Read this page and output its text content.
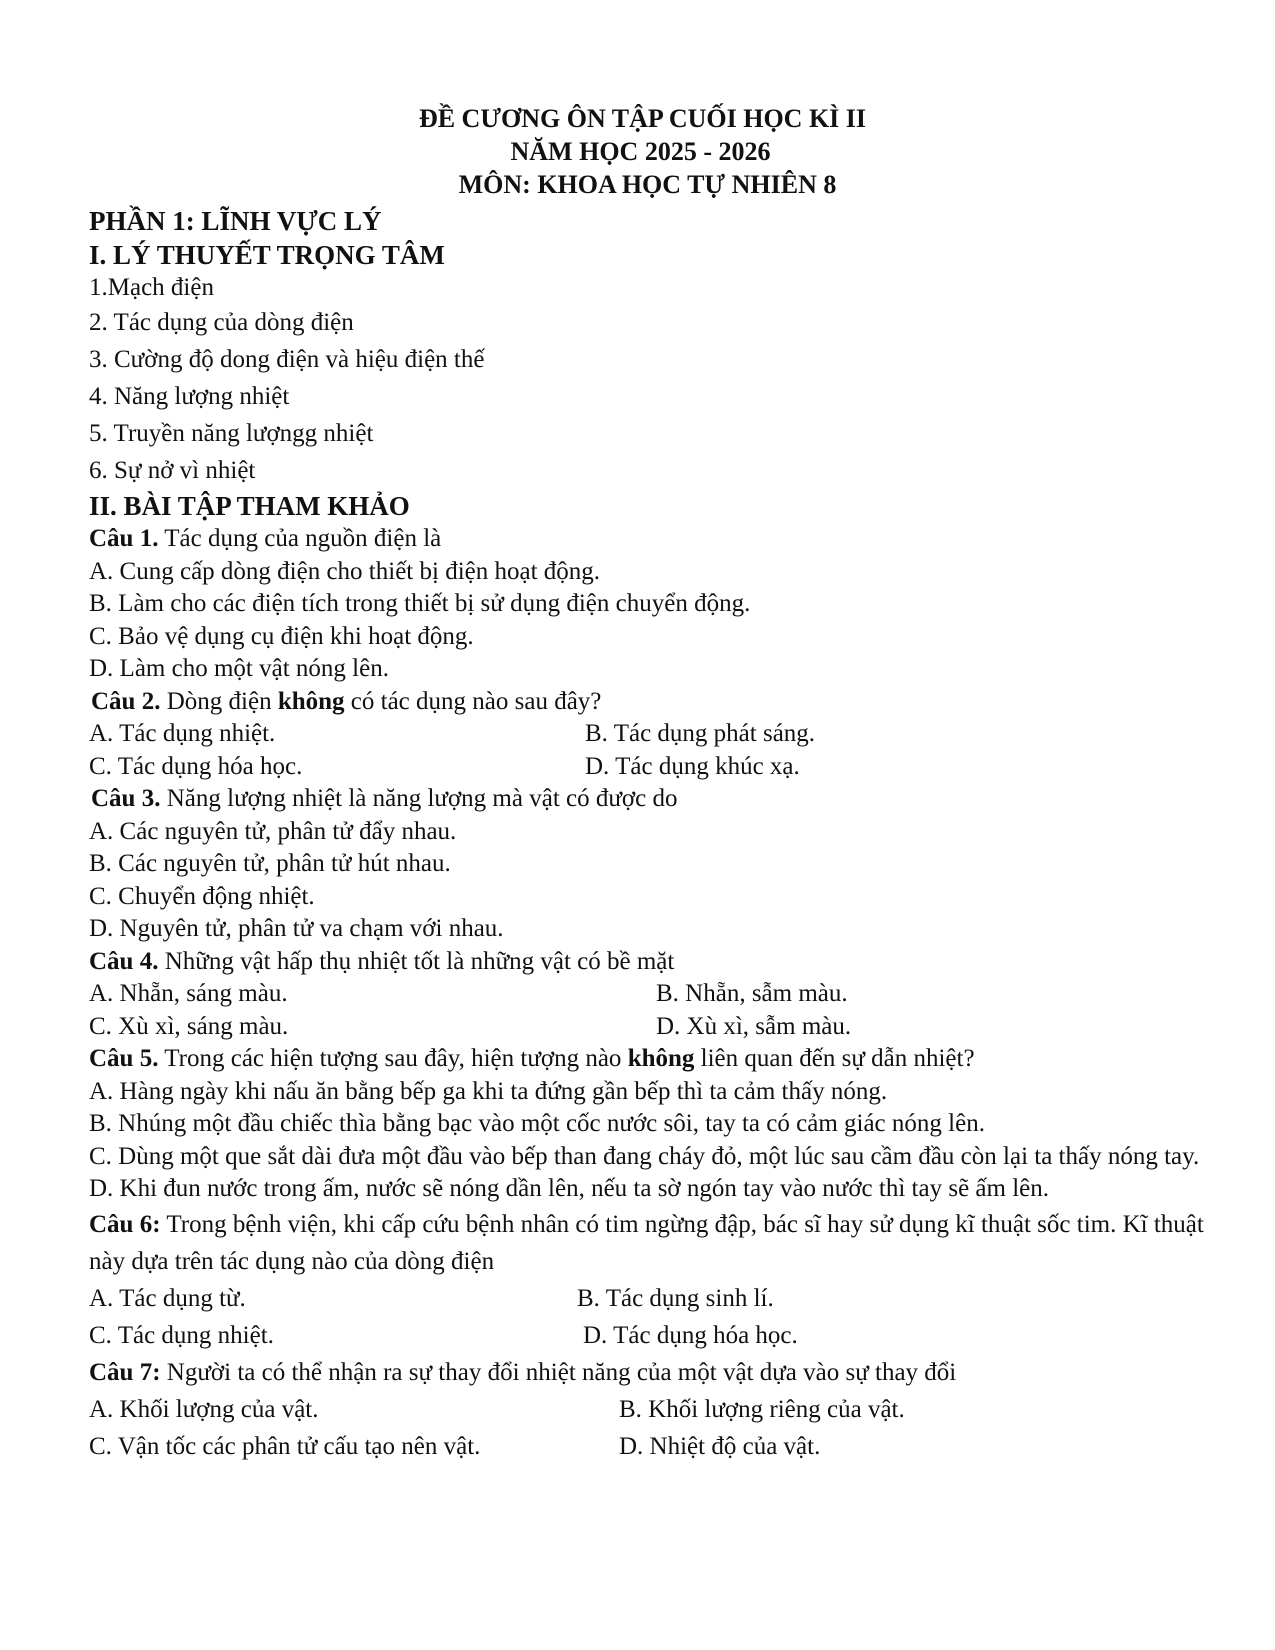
ĐỀ CƯƠNG ÔN TẬP CUỐI HỌC KÌ II
NĂM HỌC 2025 - 2026
MÔN: KHOA HỌC TỰ NHIÊN 8
PHẦN 1: LĨNH VỰC LÝ
I. LÝ THUYẾT TRỌNG TÂM
1.Mạch điện
2. Tác dụng của dòng điện
3. Cường độ dong điện và hiệu điện thế
4. Năng lượng nhiệt
5. Truyền năng lượngg nhiệt
6. Sự nở vì nhiệt
II. BÀI TẬP THAM KHẢO
Câu 1. Tác dụng của nguồn điện là
A. Cung cấp dòng điện cho thiết bị điện hoạt động.
B. Làm cho các điện tích trong thiết bị sử dụng điện chuyển động.
C. Bảo vệ dụng cụ điện khi hoạt động.
D. Làm cho một vật nóng lên.
Câu 2. Dòng điện không có tác dụng nào sau đây?
A. Tác dụng nhiệt.	B. Tác dụng phát sáng.
C. Tác dụng hóa học.	D. Tác dụng khúc xạ.
Câu 3. Năng lượng nhiệt là năng lượng mà vật có được do
A. Các nguyên tử, phân tử đẩy nhau.
B. Các nguyên tử, phân tử hút nhau.
C. Chuyển động nhiệt.
D. Nguyên tử, phân tử va chạm với nhau.
Câu 4. Những vật hấp thụ nhiệt tốt là những vật có bề mặt
A. Nhẵn, sáng màu.	B. Nhẵn, sẫm màu.
C. Xù xì, sáng màu.	D. Xù xì, sẫm màu.
Câu 5. Trong các hiện tượng sau đây, hiện tượng nào không liên quan đến sự dẫn nhiệt?
A. Hàng ngày khi nấu ăn bằng bếp ga khi ta đứng gần bếp thì ta cảm thấy nóng.
B. Nhúng một đầu chiếc thìa bằng bạc vào một cốc nước sôi, tay ta có cảm giác nóng lên.
C. Dùng một que sắt dài đưa một đầu vào bếp than đang cháy đỏ, một lúc sau cầm đầu còn lại ta thấy nóng tay.
D. Khi đun nước trong ấm, nước sẽ nóng dần lên, nếu ta sờ ngón tay vào nước thì tay sẽ ấm lên.
Câu 6: Trong bệnh viện, khi cấp cứu bệnh nhân có tim ngừng đập, bác sĩ hay sử dụng kĩ thuật sốc tim. Kĩ thuật này dựa trên tác dụng nào của dòng điện
A. Tác dụng từ.	B. Tác dụng sinh lí.
C. Tác dụng nhiệt.	D. Tác dụng hóa học.
Câu 7: Người ta có thể nhận ra sự thay đổi nhiệt năng của một vật dựa vào sự thay đổi
A. Khối lượng của vật.	B. Khối lượng riêng của vật.
C. Vận tốc các phân tử cấu tạo nên vật.	D. Nhiệt độ của vật.
